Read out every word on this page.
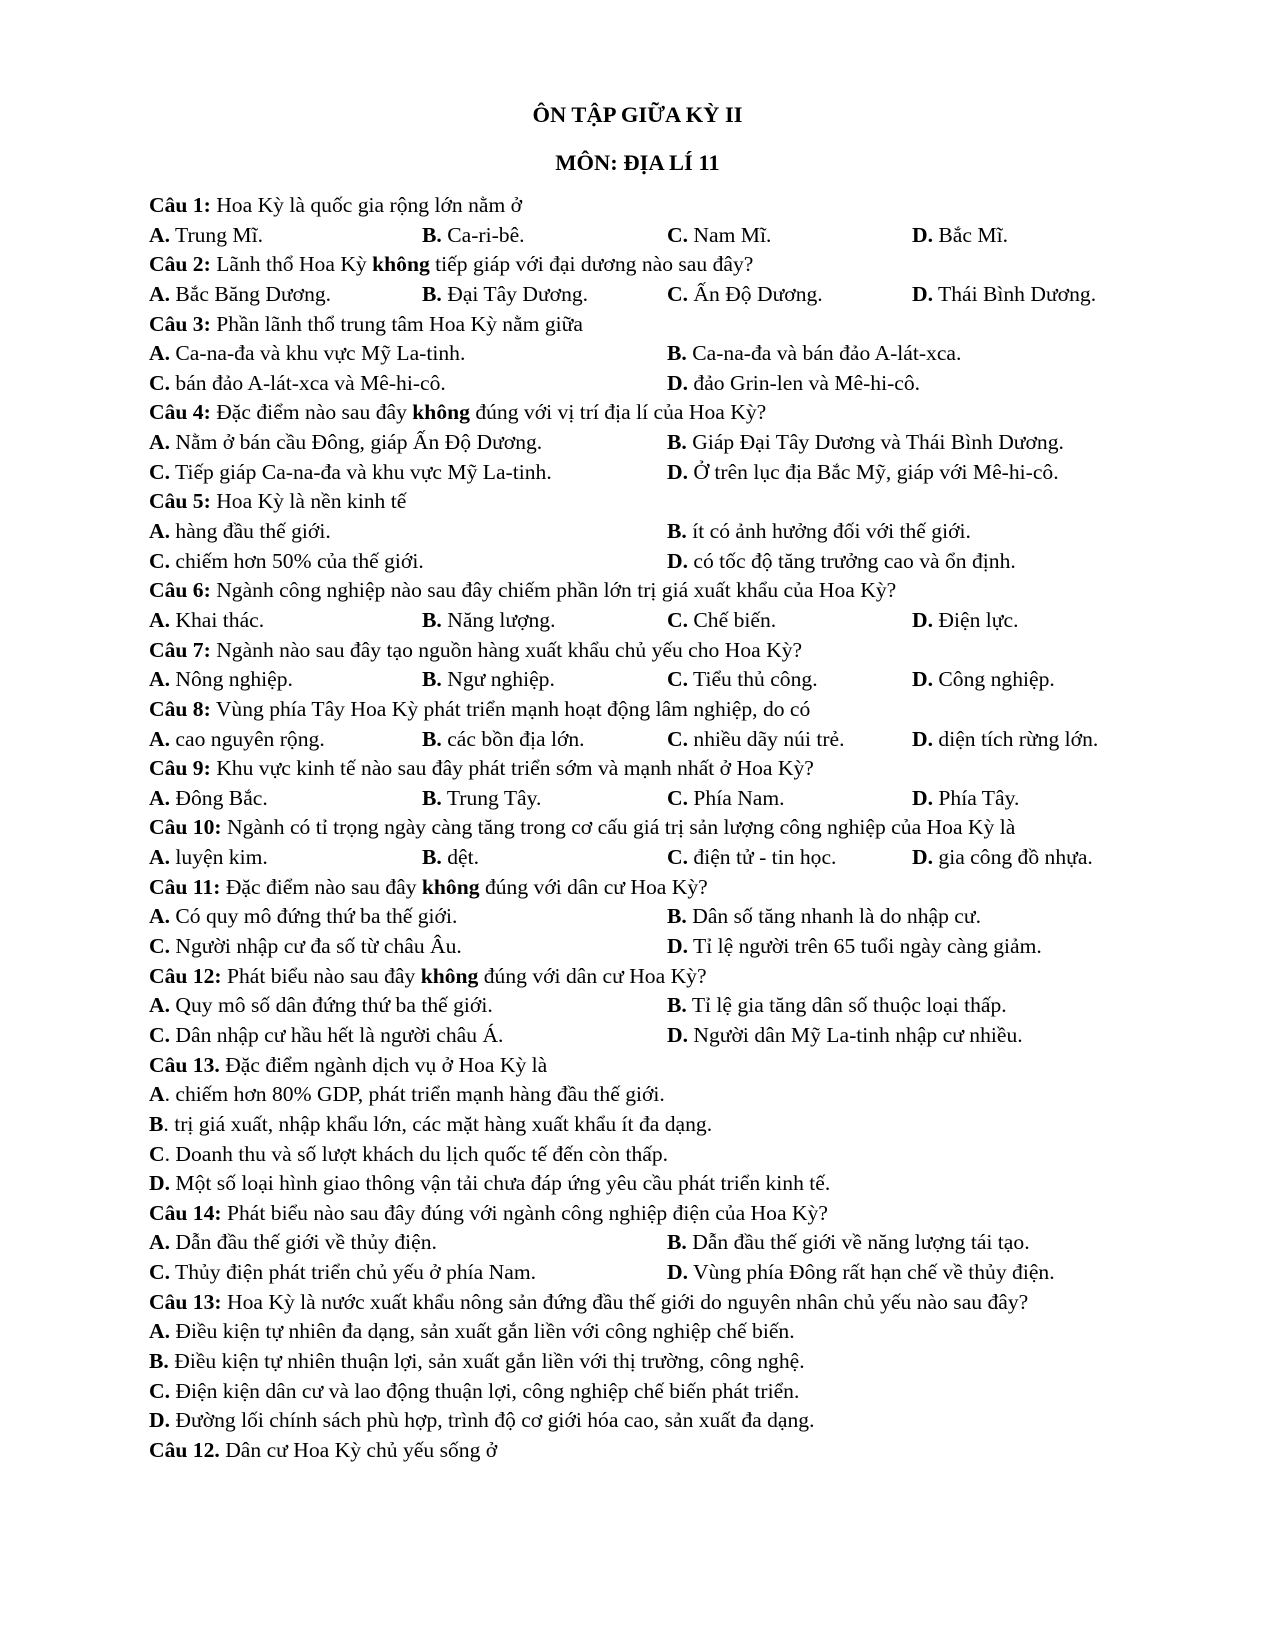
ÔN TẬP GIỮA KỲ II
MÔN: ĐỊA LÍ 11
Câu 1: Hoa Kỳ là quốc gia rộng lớn nằm ở
A. Trung Mĩ.	B. Ca-ri-bê.	C. Nam Mĩ.	D. Bắc Mĩ.
Câu 2: Lãnh thổ Hoa Kỳ không tiếp giáp với đại dương nào sau đây?
A. Bắc Băng Dương.	B. Đại Tây Dương.	C. Ấn Độ Dương.	D. Thái Bình Dương.
Câu 3: Phần lãnh thổ trung tâm Hoa Kỳ nằm giữa
A. Ca-na-đa và khu vực Mỹ La-tinh.	B. Ca-na-đa và bán đảo A-lát-xca.
C. bán đảo A-lát-xca và Mê-hi-cô.	D. đảo Grin-len và Mê-hi-cô.
Câu 4: Đặc điểm nào sau đây không đúng với vị trí địa lí của Hoa Kỳ?
A. Nằm ở bán cầu Đông, giáp Ấn Độ Dương.	B. Giáp Đại Tây Dương và Thái Bình Dương.
C. Tiếp giáp Ca-na-đa và khu vực Mỹ La-tinh.	D. Ở trên lục địa Bắc Mỹ, giáp với Mê-hi-cô.
Câu 5: Hoa Kỳ là nền kinh tế
A. hàng đầu thế giới.	B. ít có ảnh hưởng đối với thế giới.
C. chiếm hơn 50% của thế giới.	D. có tốc độ tăng trưởng cao và ổn định.
Câu 6: Ngành công nghiệp nào sau đây chiếm phần lớn trị giá xuất khẩu của Hoa Kỳ?
A. Khai thác.	B. Năng lượng.	C. Chế biến.	D. Điện lực.
Câu 7: Ngành nào sau đây tạo nguồn hàng xuất khẩu chủ yếu cho Hoa Kỳ?
A. Nông nghiệp.	B. Ngư nghiệp.	C. Tiểu thủ công.	D. Công nghiệp.
Câu 8: Vùng phía Tây Hoa Kỳ phát triển mạnh hoạt động lâm nghiệp, do có
A. cao nguyên rộng.	B. các bồn địa lớn.	C. nhiều dãy núi trẻ.	D. diện tích rừng lớn.
Câu 9: Khu vực kinh tế nào sau đây phát triển sớm và mạnh nhất ở Hoa Kỳ?
A. Đông Bắc.	B. Trung Tây.	C. Phía Nam.	D. Phía Tây.
Câu 10: Ngành có tỉ trọng ngày càng tăng trong cơ cấu giá trị sản lượng công nghiệp của Hoa Kỳ là
A. luyện kim.	B. dệt.	C. điện tử - tin học.	D. gia công đồ nhựa.
Câu 11: Đặc điểm nào sau đây không đúng với dân cư Hoa Kỳ?
A. Có quy mô đứng thứ ba thế giới.	B. Dân số tăng nhanh là do nhập cư.
C. Người nhập cư đa số từ châu Âu.	D. Tỉ lệ người trên 65 tuổi ngày càng giảm.
Câu 12: Phát biểu nào sau đây không đúng với dân cư Hoa Kỳ?
A. Quy mô số dân đứng thứ ba thế giới.	B. Tỉ lệ gia tăng dân số thuộc loại thấp.
C. Dân nhập cư hầu hết là người châu Á.	D. Người dân Mỹ La-tinh nhập cư nhiều.
Câu 13. Đặc điểm ngành dịch vụ ở Hoa Kỳ là
A. chiếm hơn 80% GDP, phát triển mạnh hàng đầu thế giới.
B. trị giá xuất, nhập khẩu lớn, các mặt hàng xuất khẩu ít đa dạng.
C. Doanh thu và số lượt khách du lịch quốc tế đến còn thấp.
D. Một số loại hình giao thông vận tải chưa đáp ứng yêu cầu phát triển kinh tế.
Câu 14: Phát biểu nào sau đây đúng với ngành công nghiệp điện của Hoa Kỳ?
A. Dẫn đầu thế giới về thủy điện.	B. Dẫn đầu thế giới về năng lượng tái tạo.
C. Thủy điện phát triển chủ yếu ở phía Nam.	D. Vùng phía Đông rất hạn chế về thủy điện.
Câu 13: Hoa Kỳ là nước xuất khẩu nông sản đứng đầu thế giới do nguyên nhân chủ yếu nào sau đây?
A. Điều kiện tự nhiên đa dạng, sản xuất gắn liền với công nghiệp chế biến.
B. Điều kiện tự nhiên thuận lợi, sản xuất gắn liền với thị trường, công nghệ.
C. Điện kiện dân cư và lao động thuận lợi, công nghiệp chế biến phát triển.
D. Đường lối chính sách phù hợp, trình độ cơ giới hóa cao, sản xuất đa dạng.
Câu 12. Dân cư Hoa Kỳ chủ yếu sống ở
